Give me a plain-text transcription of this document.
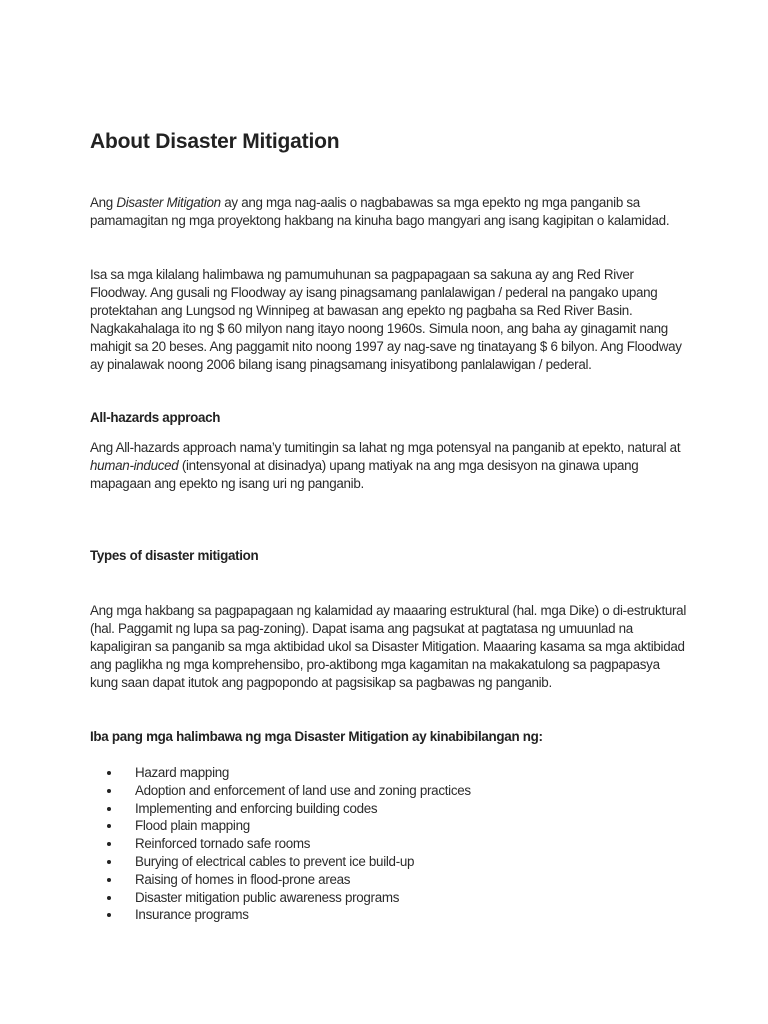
About Disaster Mitigation

Ang Disaster Mitigation ay ang mga nag-aalis o nagbabawas sa mga epekto ng mga panganib sa pamamagitan ng mga proyektong hakbang na kinuha bago mangyari ang isang kagipitan o kalamidad.

Isa sa mga kilalang halimbawa ng pamumuhunan sa pagpapagaan sa sakuna ay ang Red River Floodway. Ang gusali ng Floodway ay isang pinagsamang panlalawigan / pederal na pangako upang protektahan ang Lungsod ng Winnipeg at bawasan ang epekto ng pagbaha sa Red River Basin. Nagkakahalaga ito ng $ 60 milyon nang itayo noong 1960s. Simula noon, ang baha ay ginagamit nang mahigit sa 20 beses. Ang paggamit nito noong 1997 ay nag-save ng tinatayang $ 6 bilyon. Ang Floodway ay pinalawak noong 2006 bilang isang pinagsamang inisyatibong panlalawigan / pederal.

All-hazards approach

Ang All-hazards approach nama’y tumitingin sa lahat ng mga potensyal na panganib at epekto, natural at human-induced (intensyonal at disinadya) upang matiyak na ang mga desisyon na ginawa upang mapagaan ang epekto ng isang uri ng panganib.

Types of disaster mitigation

Ang mga hakbang sa pagpapagaan ng kalamidad ay maaaring estruktural (hal. mga Dike) o di-estruktural (hal. Paggamit ng lupa sa pag-zoning). Dapat isama ang pagsukat at pagtatasa ng umuunlad na kapaligiran sa panganib sa mga aktibidad ukol sa Disaster Mitigation. Maaaring kasama sa mga aktibidad ang paglikha ng mga komprehensibo, pro-aktibong mga kagamitan na makakatulong sa pagpapasya kung saan dapat itutok ang pagpopondo at pagsisikap sa pagbawas ng panganib.

Iba pang mga halimbawa ng mga Disaster Mitigation ay kinabibilangan ng:
Hazard mapping
Adoption and enforcement of land use and zoning practices
Implementing and enforcing building codes
Flood plain mapping
Reinforced tornado safe rooms
Burying of electrical cables to prevent ice build-up
Raising of homes in flood-prone areas
Disaster mitigation public awareness programs
Insurance programs
